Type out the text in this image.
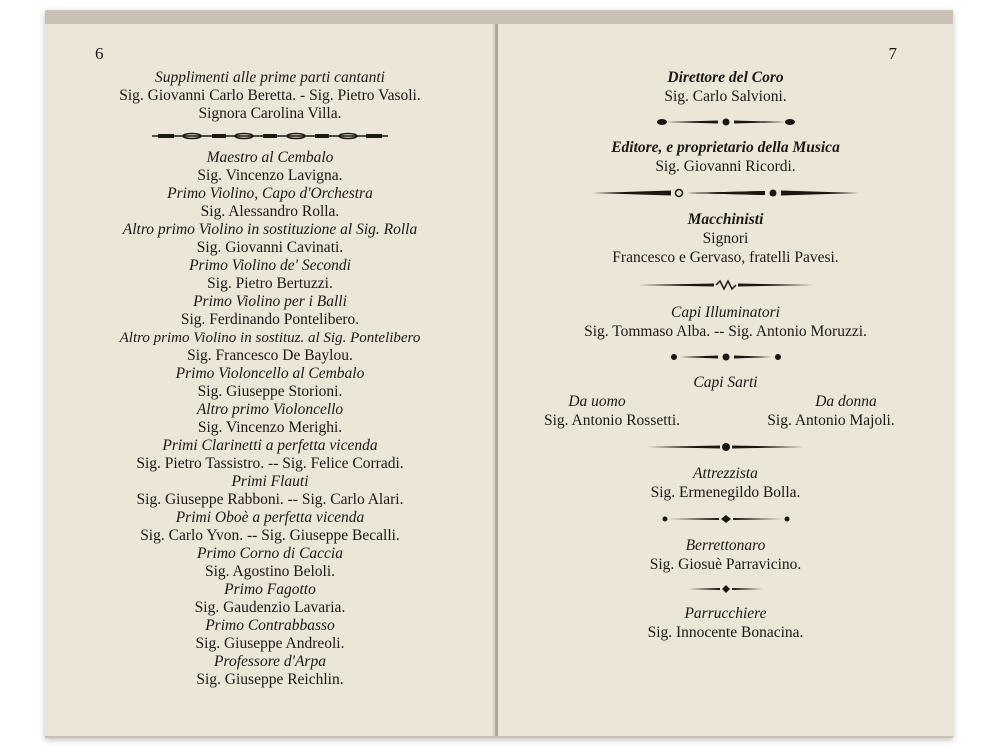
6
Supplimenti alle prime parti cantanti
Sig. Giovanni Carlo Beretta. - Sig. Pietro Vasoli.
Signora Carolina Villa.
Maestro al Cembalo
Sig. Vincenzo Lavigna.
Primo Violino, Capo d'Orchestra
Sig. Alessandro Rolla.
Altro primo Violino in sostituzione al Sig. Rolla
Sig. Giovanni Cavinati.
Primo Violino de' Secondi
Sig. Pietro Bertuzzi.
Primo Violino per i Balli
Sig. Ferdinando Pontelibero.
Altro primo Violino in sostituz. al Sig. Pontelibero
Sig. Francesco De Baylou.
Primo Violoncello al Cembalo
Sig. Giuseppe Storioni.
Altro primo Violoncello
Sig. Vincenzo Merighi.
Primi Clarinetti a perfetta vicenda
Sig. Pietro Tassistro. -- Sig. Felice Corradi.
Primi Flauti
Sig. Giuseppe Rabboni. -- Sig. Carlo Alari.
Primi Oboè a perfetta vicenda
Sig. Carlo Yvon. -- Sig. Giuseppe Becalli.
Primo Corno di Caccia
Sig. Agostino Beloli.
Primo Fagotto
Sig. Gaudenzio Lavaria.
Primo Contrabbasso
Sig. Giuseppe Andreoli.
Professore d'Arpa
Sig. Giuseppe Reichlin.
7
Direttore del Coro
Sig. Carlo Salvioni.
Editore, e proprietario della Musica
Sig. Giovanni Ricordi.
Macchinisti
Signori
Francesco e Gervaso, fratelli Pavesi.
Capi Illuminatori
Sig. Tommaso Alba. -- Sig. Antonio Moruzzi.
Capi Sarti
Da uomo
Sig. Antonio Rossetti.
Da donna
Sig. Antonio Majoli.
Attrezzista
Sig. Ermenegildo Bolla.
Berrettonaro
Sig. Giosuè Parravicino.
Parrucchiere
Sig. Innocente Bonacina.
